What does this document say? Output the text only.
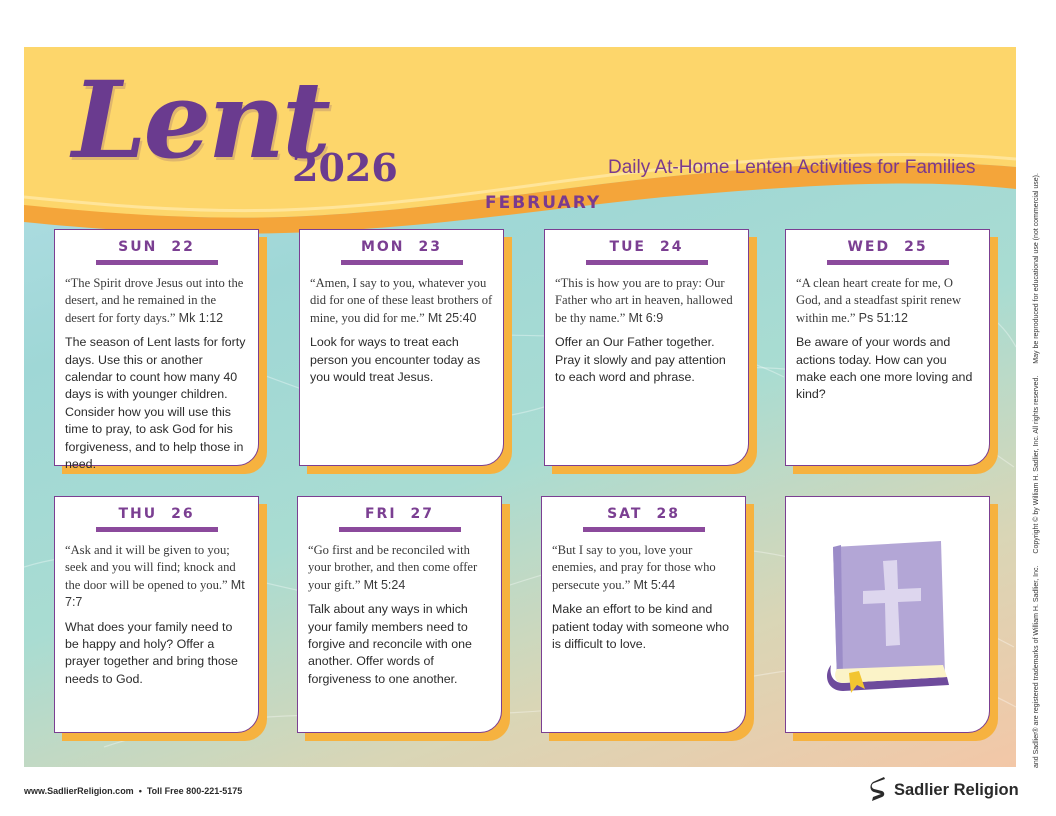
Lent
2026	Daily At-Home Lenten Activities for Families
FEBRUARY
SUN 22

“The Spirit drove Jesus out into the desert, and he remained in the desert for forty days.” Mk 1:12

The season of Lent lasts for forty days. Use this or another calendar to count how many 40 days is with younger children. Consider how you will use this time to pray, to ask God for his forgiveness, and to help those in need.

MON 23

“Amen, I say to you, whatever you did for one of these least brothers of mine, you did for me.” Mt 25:40

Look for ways to treat each person you encounter today as you would treat Jesus.

TUE 24

“This is how you are to pray: Our Father who art in heaven, hallowed be thy name.” Mt 6:9

Offer an Our Father together. Pray it slowly and pay attention to each word and phrase.

WED 25

“A clean heart create for me, O God, and a steadfast spirit renew within me.” Ps 51:12

Be aware of your words and actions today. How can you make each one more loving and kind?

THU 26

“Ask and it will be given to you; seek and you will find; knock and the door will be opened to you.” Mt 7:7

What does your family need to be happy and holy? Offer a prayer together and bring those needs to God.

FRI 27

“Go first and be reconciled with your brother, and then come offer your gift.” Mt 5:24

Talk about any ways in which your family members need to forgive and reconcile with one another. Offer words of forgiveness to one another.

SAT 28

“But I say to you, love your enemies, and pray for those who persecute you.” Mt 5:44

Make an effort to be kind and patient today with someone who is difficult to love.

www.SadlierReligion.com • Toll Free 800-221-5175	Sadlier Religion
and Sadlier® are registered trademarks of William H. Sadlier, Inc.Copyright © by William H. Sadlier, Inc. All rights reserved.May be reproduced for educational use (not commercial use).
